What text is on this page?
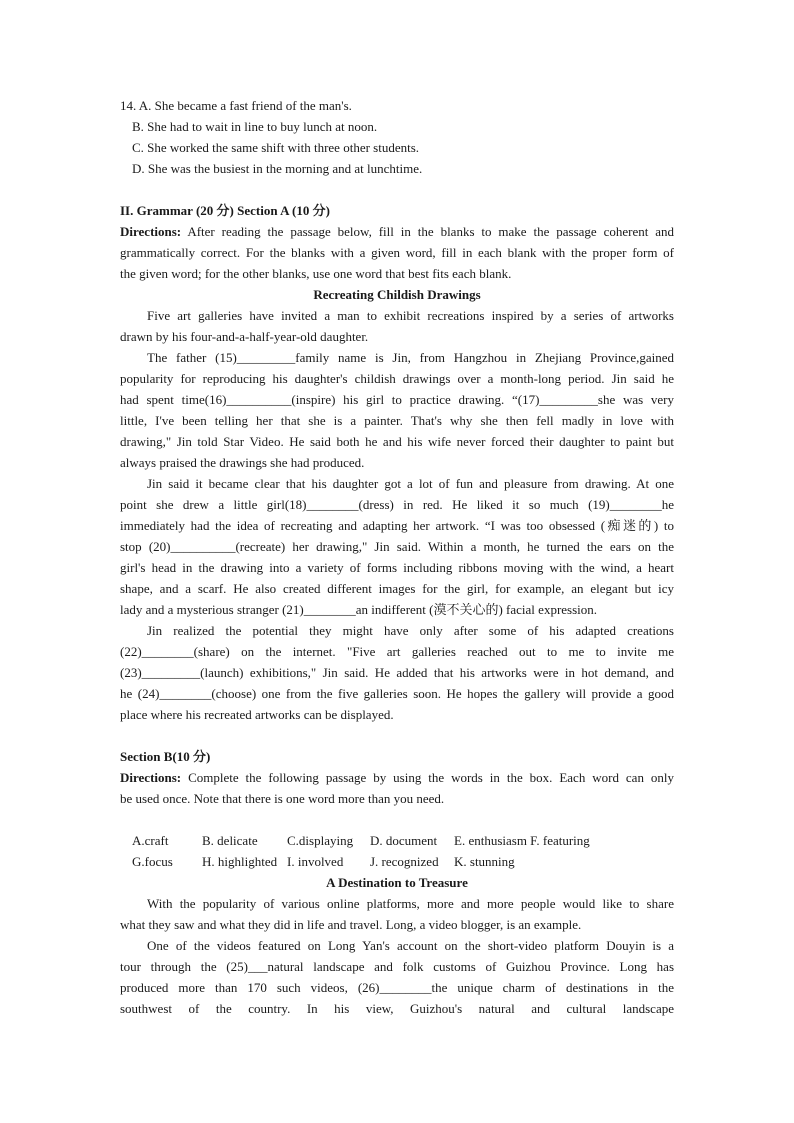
14. A. She became a fast friend of the man's.
B. She had to wait in line to buy lunch at noon.
C. She worked the same shift with three other students.
D. She was the busiest in the morning and at lunchtime.
II. Grammar (20 分) Section A (10 分)
Directions: After reading the passage below, fill in the blanks to make the passage coherent and
grammatically correct. For the blanks with a given word, fill in each blank with the proper form of
the given word; for the other blanks, use one word that best fits each blank.
Recreating Childish Drawings
Five art galleries have invited a man to exhibit recreations inspired by a series of artworks
drawn by his four-and-a-half-year-old daughter.
The father (15)_________family name is Jin, from Hangzhou in Zhejiang Province,gained
popularity for reproducing his daughter's childish drawings over a month-long period. Jin said he
had spent time(16)__________(inspire) his girl to practice drawing. “(17)_________she was very
little, I've been telling her that she is a painter. That's why she then fell madly in love with
drawing," Jin told Star Video. He said both he and his wife never forced their daughter to paint but
always praised the drawings she had produced.
Jin said it became clear that his daughter got a lot of fun and pleasure from drawing. At one
point she drew a little girl(18)________(dress) in red. He liked it so much (19)________he
immediately had the idea of recreating and adapting her artwork. “I was too obsessed (痴迷的) to
stop (20)__________(recreate) her drawing," Jin said. Within a month, he turned the ears on the
girl's head in the drawing into a variety of forms including ribbons moving with the wind, a heart
shape, and a scarf. He also created different images for the girl, for example, an elegant but icy
lady and a mysterious stranger (21)________an indifferent (漠不关心的) facial expression.
Jin realized the potential they might have only after some of his adapted creations
(22)________(share) on the internet. "Five art galleries reached out to me to invite me
(23)_________(launch) exhibitions," Jin said. He added that his artworks were in hot demand, and
he (24)________(choose) one from the five galleries soon. He hopes the gallery will provide a good
place where his recreated artworks can be displayed.
Section B(10 分)
Directions: Complete the following passage by using the words in the box. Each word can only
be used once. Note that there is one word more than you need.
A.craft	B. delicate C.displaying D. document E. enthusiasm F. featuring
G.focus H. highlighted I. involved J. recognized K. stunning
A Destination to Treasure
With the popularity of various online platforms, more and more people would like to share
what they saw and what they did in life and travel. Long, a video blogger, is an example.
One of the videos featured on Long Yan's account on the short-video platform Douyin is a
tour through the (25)___natural landscape and folk customs of Guizhou Province. Long has
produced more than 170 such videos, (26)________the unique charm of destinations in the
southwest of the country. In his view, Guizhou's natural and cultural landscape
